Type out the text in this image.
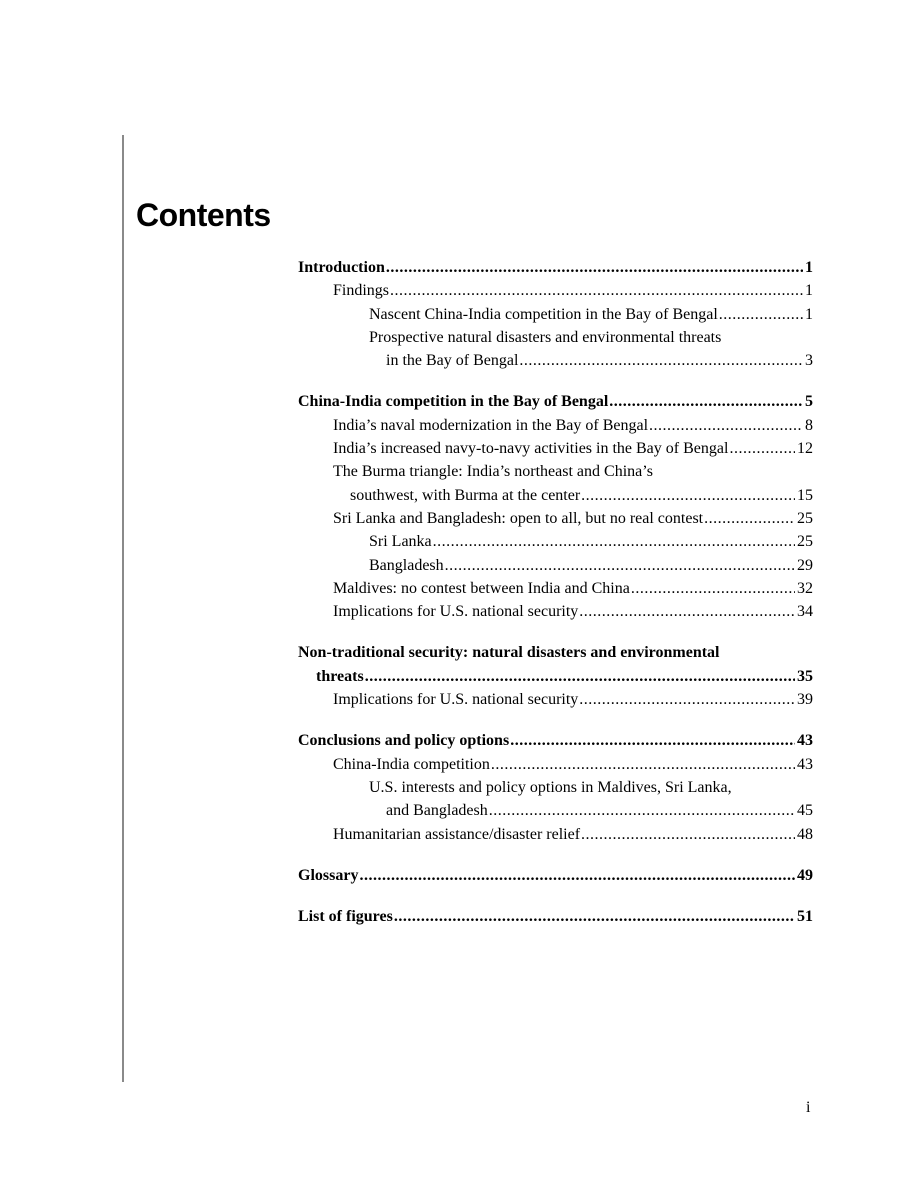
Contents
Introduction .....	1
Findings .....	1
Nascent China-India competition in the Bay of Bengal .....	1
Prospective natural disasters and environmental threats
in the Bay of Bengal .....	3
China-India competition in the Bay of Bengal .....	5
India’s naval modernization in the Bay of Bengal .....	8
India’s increased navy-to-navy activities in the Bay of Bengal .....	12
The Burma triangle: India’s northeast and China’s
southwest, with Burma at the center .....	15
Sri Lanka and Bangladesh: open to all, but no real contest .....	25
Sri Lanka .....	25
Bangladesh .....	29
Maldives: no contest between India and China .....	32
Implications for U.S. national security .....	34
Non-traditional security: natural disasters and environmental
threats .....	35
Implications for U.S. national security .....	39
Conclusions and policy options .....	43
China-India competition .....	43
U.S. interests and policy options in Maldives, Sri Lanka,
and Bangladesh .....	45
Humanitarian assistance/disaster relief .....	48
Glossary .....	49
List of figures .....	51
i
